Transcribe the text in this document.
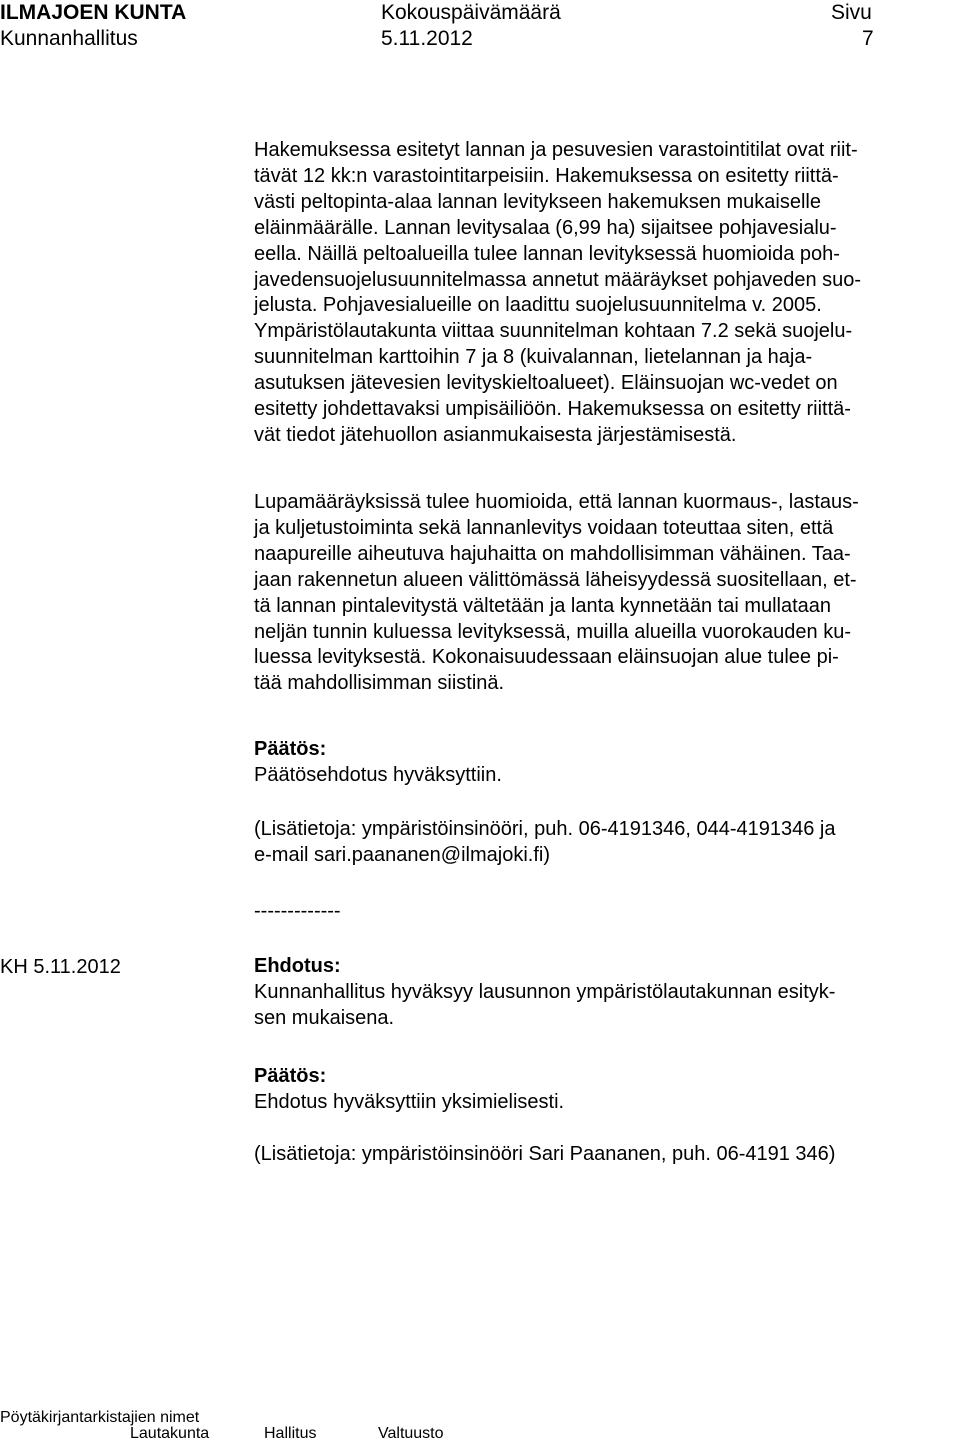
ILMAJOEN KUNTA	Kokouspäivämäärä	Sivu
Kunnanhallitus	5.11.2012	7
Hakemuksessa esitetyt lannan ja pesuvesien varastointitilat ovat riit-
tävät 12 kk:n varastointitarpeisiin. Hakemuksessa on esitetty riittä-
västi peltopinta-alaa lannan levitykseen hakemuksen mukaiselle
eläinmäärälle. Lannan levitysalaa (6,99 ha) sijaitsee pohjavesialu-
eella. Näillä peltoalueilla tulee lannan levityksessä huomioida poh-
javedensuojelusuunnitelmassa annetut määräykset pohjaveden suo-
jelusta. Pohjavesialueille on laadittu suojelusuunnitelma v. 2005.
Ympäristölautakunta viittaa suunnitelman kohtaan 7.2 sekä suojelu-
suunnitelman karttoihin 7 ja 8 (kuivalannan, lietelannan ja haja-
asutuksen jätevesien levityskieltoalueet). Eläinsuojan wc-vedet on
esitetty johdettavaksi umpisäiliöön. Hakemuksessa on esitetty riittä-
vät tiedot jätehuollon asianmukaisesta järjestämisestä.
Lupamääräyksissä tulee huomioida, että lannan kuormaus-, lastaus-
ja kuljetustoiminta sekä lannanlevitys voidaan toteuttaa siten, että
naapureille aiheutuva hajuhaitta on mahdollisimman vähäinen. Taa-
jaan rakennetun alueen välittömässä läheisyydessä suositellaan, et-
tä lannan pintalevitystä vältetään ja lanta kynnetään tai mullataan
neljän tunnin kuluessa levityksessä, muilla alueilla vuorokauden ku-
luessa levityksestä. Kokonaisuudessaan eläinsuojan alue tulee pi-
tää mahdollisimman siistinä.
Päätös:
Päätösehdotus hyväksyttiin.
(Lisätietoja: ympäristöinsinööri, puh. 06-4191346, 044-4191346 ja
e-mail sari.paananen@ilmajoki.fi)
-------------
KH 5.11.2012	Ehdotus:
Kunnanhallitus hyväksyy lausunnon ympäristölautakunnan esityk-
sen mukaisena.
Päätös:
Ehdotus hyväksyttiin yksimielisesti.
(Lisätietoja: ympäristöinsinööri Sari Paananen, puh. 06-4191 346)
Pöytäkirjantarkistajien nimet
Lautakunta	Hallitus	Valtuusto
